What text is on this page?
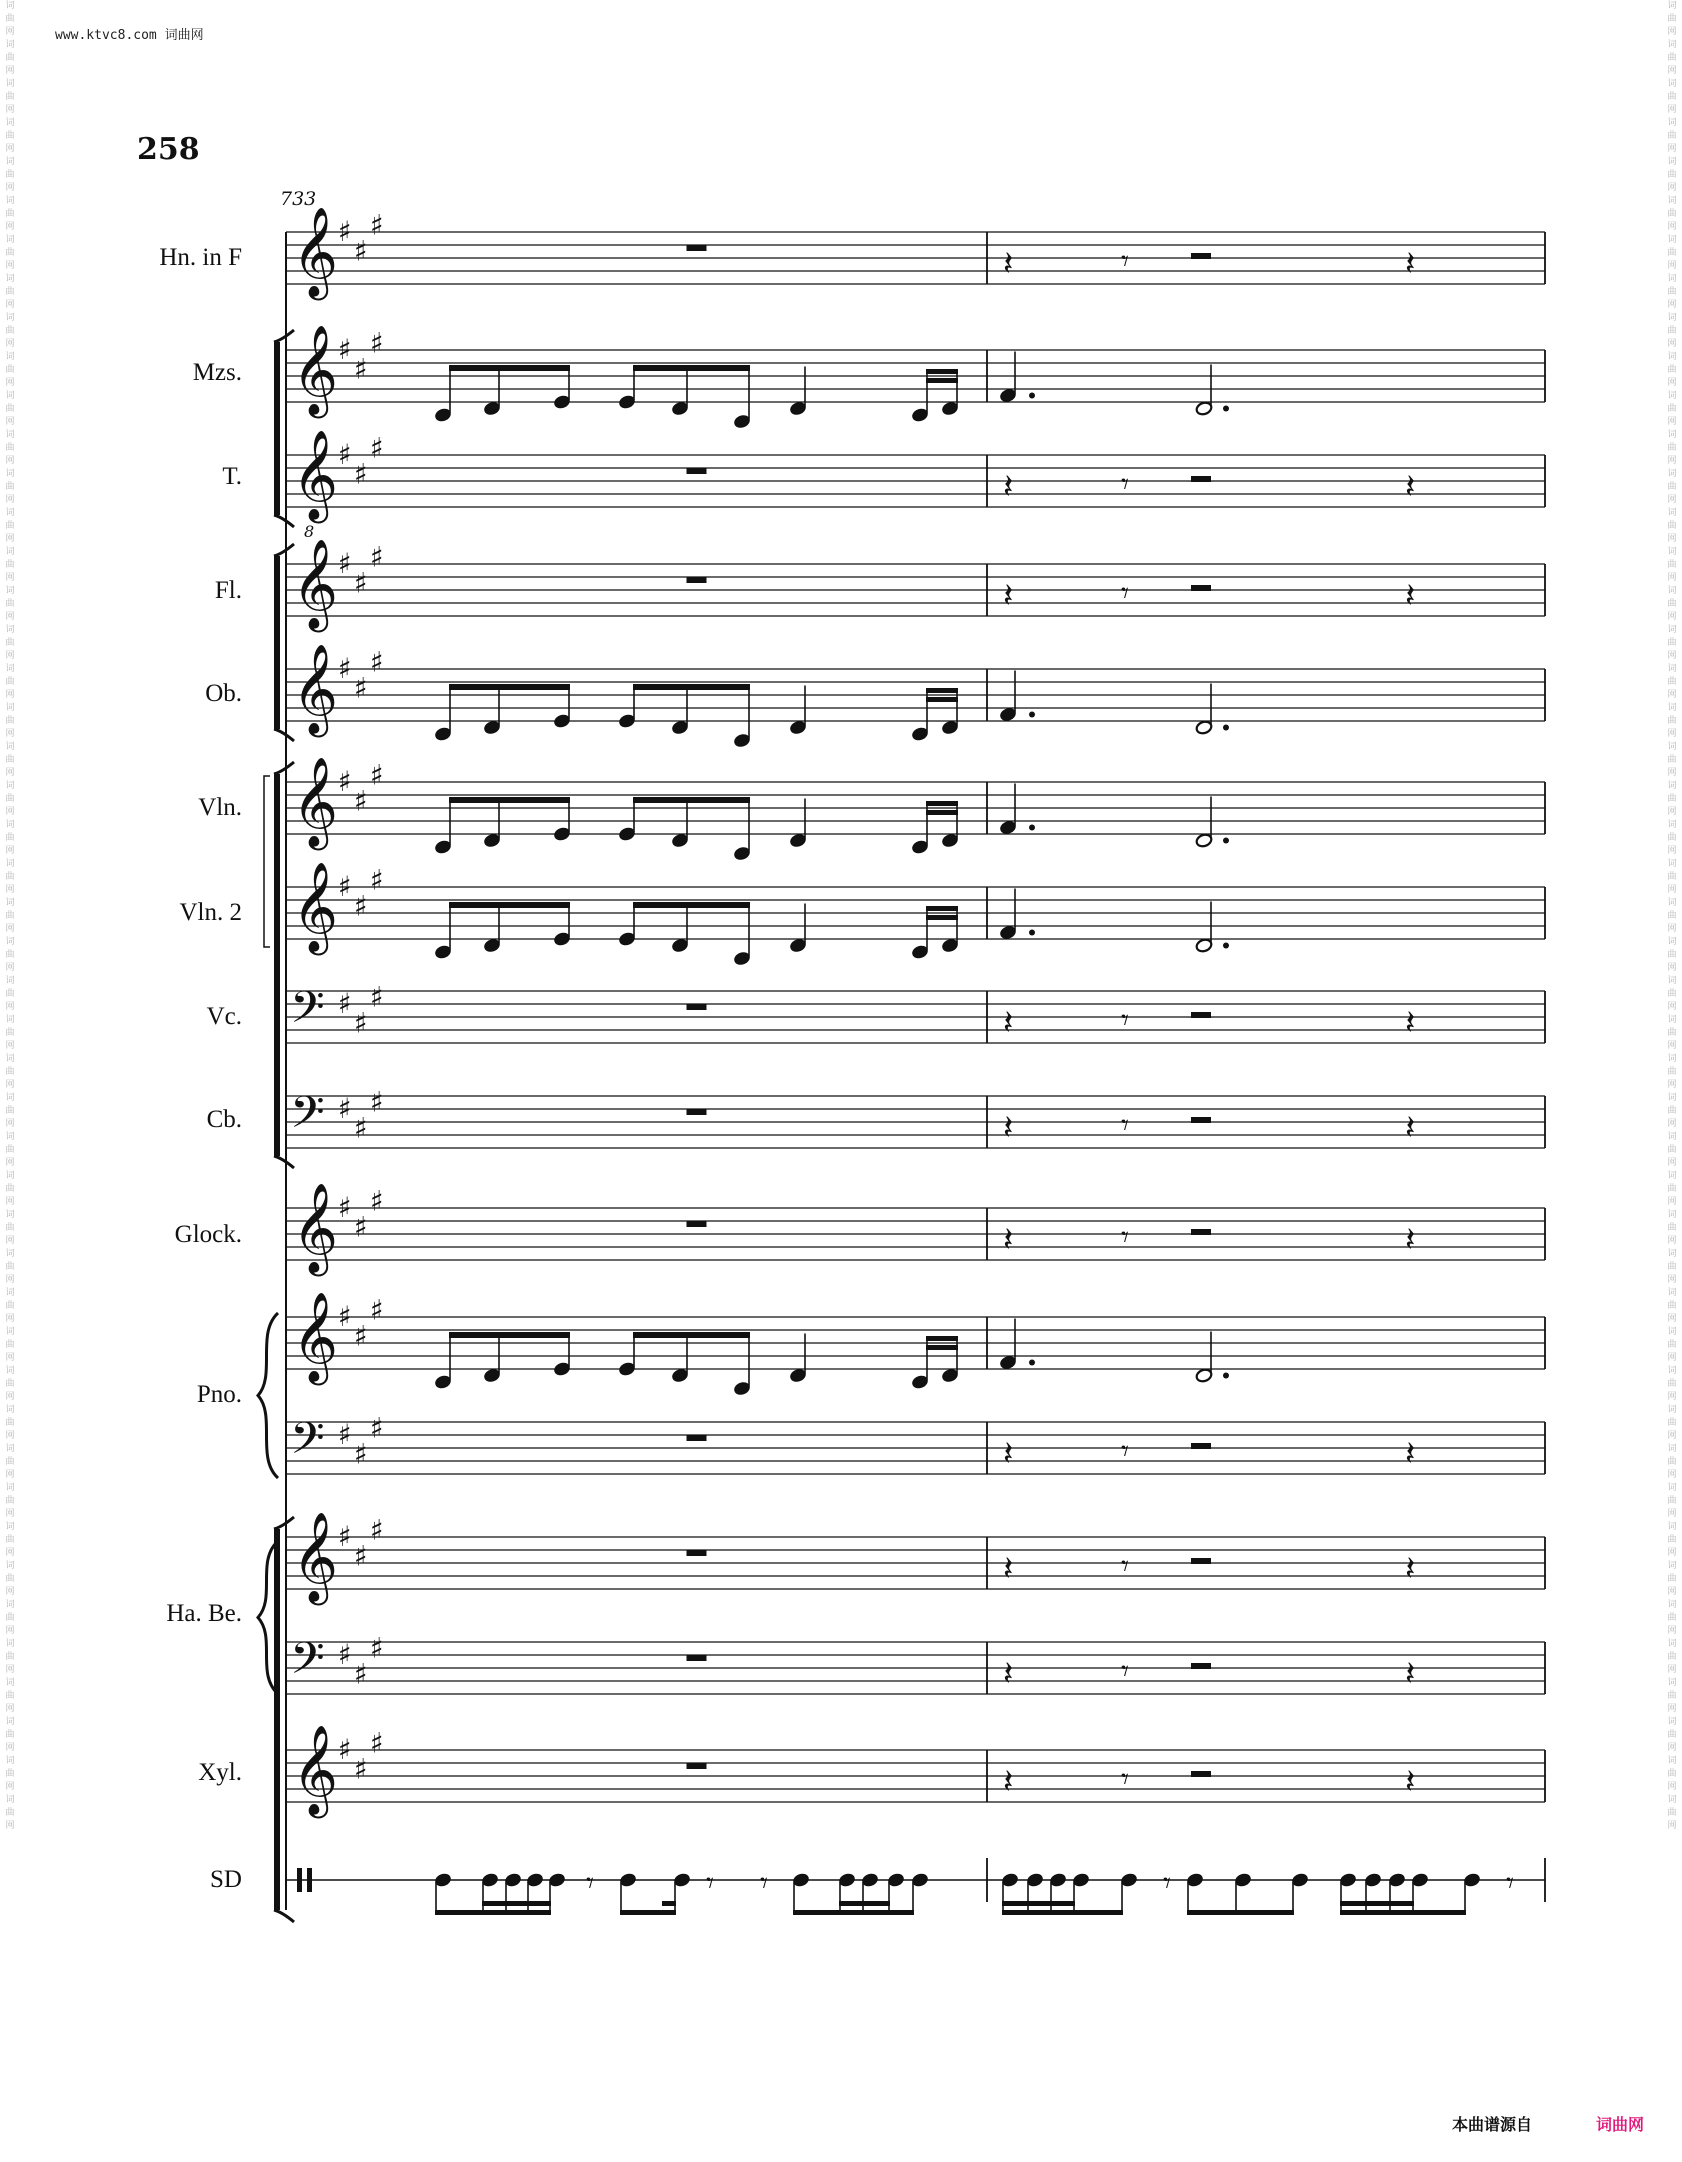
词曲网词曲网词曲网词曲网词曲网词曲网词曲网词曲网词曲网词曲网词曲网词曲网词曲网词曲网词曲网词曲网词曲网词曲网词曲网词曲网词曲网词曲网词曲网词曲网词曲网词曲网词曲网词曲网词曲网词曲网词曲网词曲网词曲网词曲网词曲网词曲网词曲网词曲网词曲网词曲网词曲网词曲网词曲网词曲网词曲网词曲网词曲网
词曲网词曲网词曲网词曲网词曲网词曲网词曲网词曲网词曲网词曲网词曲网词曲网词曲网词曲网词曲网词曲网词曲网词曲网词曲网词曲网词曲网词曲网词曲网词曲网词曲网词曲网词曲网词曲网词曲网词曲网词曲网词曲网词曲网词曲网词曲网词曲网词曲网词曲网词曲网词曲网词曲网词曲网词曲网词曲网词曲网词曲网词曲网
www.ktvc8.com 词曲网
258
𝄞 ♯
♯
♯
𝄽	𝄾	𝄽
𝄞 ♯
♯
♯
𝄞
8
♯
♯
♯
𝄽	𝄾	𝄽
𝄞 ♯
♯
♯
𝄽	𝄾	𝄽
𝄞 ♯
♯
♯
𝄞 ♯
♯
♯
𝄞 ♯
♯
♯
𝄢 ♯
♯
♯
𝄽	𝄾	𝄽
𝄢 ♯
♯
♯
𝄽	𝄾	𝄽
𝄞 ♯
♯
♯
𝄽	𝄾	𝄽
𝄞 ♯
♯
♯
𝄢 ♯
♯
♯
𝄽	𝄾	𝄽
𝄞 ♯
♯
♯
𝄽	𝄾	𝄽
𝄢 ♯
♯
♯
𝄽	𝄾	𝄽
𝄞 ♯
♯
♯
𝄽	𝄾	𝄽
𝄾	𝄾 𝄾	𝄾	𝄾
733
Hn. in F
Mzs.
T.
Fl.
Ob.
Vln.
Vln. 2
Vc.
Cb.
Glock.
Pno.
Ha. Be.
Xyl.
SD
本曲谱源自	词曲网
